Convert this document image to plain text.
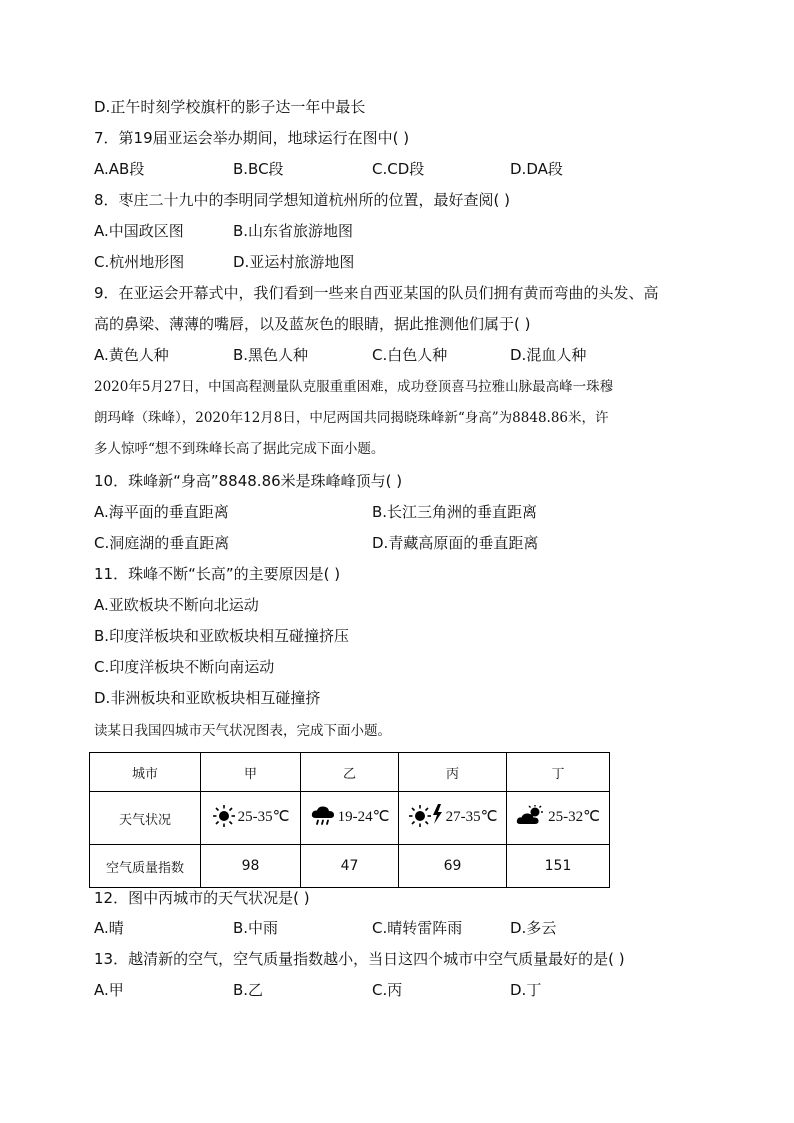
D.正午时刻学校旗杆的影子达一年中最长
7．第19届亚运会举办期间，地球运行在图中( )
A.AB段	B.BC段	C.CD段	D.DA段
8．枣庄二十九中的李明同学想知道杭州所的位置，最好查阅( )
A.中国政区图	B.山东省旅游地图
C.杭州地形图	D.亚运村旅游地图
9．在亚运会开幕式中，我们看到一些来自西亚某国的队员们拥有黄而弯曲的头发、高
高的鼻梁、薄薄的嘴唇，以及蓝灰色的眼睛，据此推测他们属于( )
A.黄色人种	B.黑色人种	C.白色人种	D.混血人种
2020年5月27日，中国高程测量队克服重重困难，成功登顶喜马拉雅山脉最高峰一珠穆
朗玛峰（珠峰），2020年12月8日，中尼两国共同揭晓珠峰新“身高”为8848.86米，许
多人惊呼“想不到珠峰长高了据此完成下面小题。
10．珠峰新“身高”8848.86米是珠峰峰顶与( )
A.海平面的垂直距离	B.长江三角洲的垂直距离
C.洞庭湖的垂直距离	D.青藏高原面的垂直距离
11．珠峰不断“长高”的主要原因是( )
A.亚欧板块不断向北运动
B.印度洋板块和亚欧板块相互碰撞挤压
C.印度洋板块不断向南运动
D.非洲板块和亚欧板块相互碰撞挤
读某日我国四城市天气状况图表，完成下面小题。
城市	甲	乙	丙	丁
天气状况	25-35℃	19-24℃	27-35℃	25-32℃

空气质量指数	98	47	69	151
12．图中丙城市的天气状况是( )
A.晴	B.中雨	C.晴转雷阵雨	D.多云
13．越清新的空气，空气质量指数越小，当日这四个城市中空气质量最好的是( )
A.甲	B.乙	C.丙	D.丁
